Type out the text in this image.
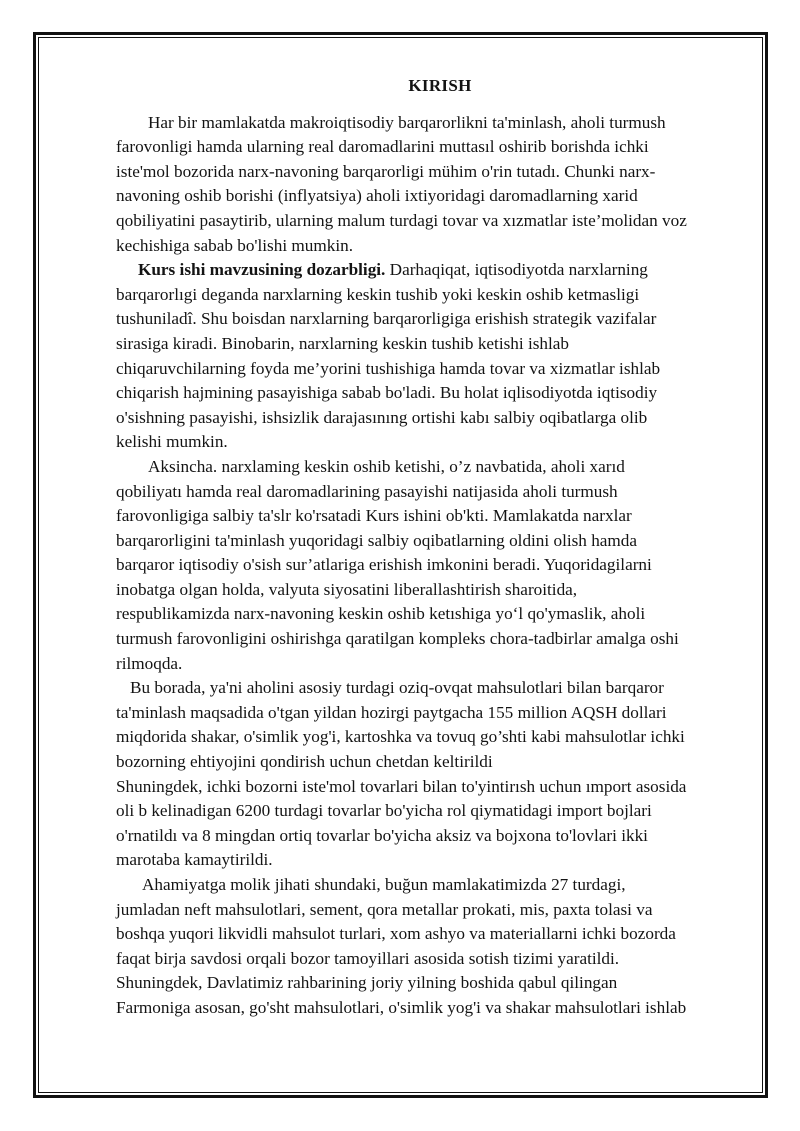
KIRISH
Har bir mamlakatda makroiqtisodiy barqarorlikni ta'minlash, aholi turmush
farovonligi hamda ularning real daromadlarini muttasıl oshirib borishda ichki
iste'mol bozorida narx-navoning barqarorligi mühim o'rin tutadı. Chunki narx-
navoning oshib borishi (inflyatsiya) aholi ixtiyoridagi daromadlarning xarid
qobiliyatini pasaytirib, ularning malum turdagi tovar va xızmatlar iste’molidan voz
kechishiga sabab bo'lishi mumkin.
Kurs ishi mavzusining dozarbligi. Darhaqiqat, iqtisodiyotda narxlarning
barqarorlıgi deganda narxlarning keskin tushib yoki keskin oshib ketmasligi
tushuniladî. Shu boisdan narxlarning barqarorligiga erishish strategik vazifalar
sirasiga kiradi. Binobarin, narxlarning keskin tushib ketishi ishlab
chiqaruvchilarning foyda me’yorini tushishiga hamda tovar va xizmatlar ishlab
chiqarish hajmining pasayishiga sabab bo'ladi. Bu holat iqlisodiyotda iqtisodiy
o'sishning pasayishi, ishsizlik darajasınıng ortishi kabı salbiy oqibatlarga olib
kelishi mumkin.
Aksincha. narxlaming keskin oshib ketishi, o’z navbatida, aholi xarıd
qobiliyatı hamda real daromadlarining pasayishi natijasida aholi turmush
farovonligiga salbiy ta'slr ko'rsatadi Kurs ishini ob'kti. Mamlakatda narxlar
barqarorligini ta'minlash yuqoridagi salbiy oqibatlarning oldini olish hamda
barqaror iqtisodiy o'sish sur’atlariga erishish imkonini beradi. Yuqoridagilarni
inobatga olgan holda, valyuta siyosatini liberallashtirish sharoitida,
respublikamizda narx-navoning keskin oshib ketıshiga yo‘l qo'ymaslik, aholi
turmush farovonligini oshirishga qaratilgan kompleks chora-tadbirlar amalga oshi
rilmoqda.
Bu borada, ya'ni aholini asosiy turdagi oziq-ovqat mahsulotlari bilan barqaror
ta'minlash maqsadida o'tgan yildan hozirgi paytgacha 155 million AQSH dollari
miqdorida shakar, o'simlik yog'i, kartoshka va tovuq go’shti kabi mahsulotlar ichki
bozorning ehtiyojini qondirish uchun chetdan keltirildi
Shuningdek, ichki bozorni iste'mol tovarlari bilan to'yintirısh uchun ımport asosida
oli b kelinadigan 6200 turdagi tovarlar bo'yicha rol qiymatidagi import bojlari
o'rnatildı va 8 mingdan ortiq tovarlar bo'yicha aksiz va bojxona to'lovlari ikki
marotaba kamaytirildi.
Ahamiyatga molik jihati shundaki, buğun mamlakatimizda 27 turdagi,
jumladan neft mahsulotlari, sement, qora metallar prokati, mis, paxta tolasi va
boshqa yuqori likvidli mahsulot turlari, xom ashyo va materiallarni ichki bozorda
faqat birja savdosi orqali bozor tamoyillari asosida sotish tizimi yaratildi.
Shuningdek, Davlatimiz rahbarining joriy yilning boshida qabul qilingan
Farmoniga asosan, go'sht mahsulotlari, o'simlik yog'i va shakar mahsulotlari ishlab
